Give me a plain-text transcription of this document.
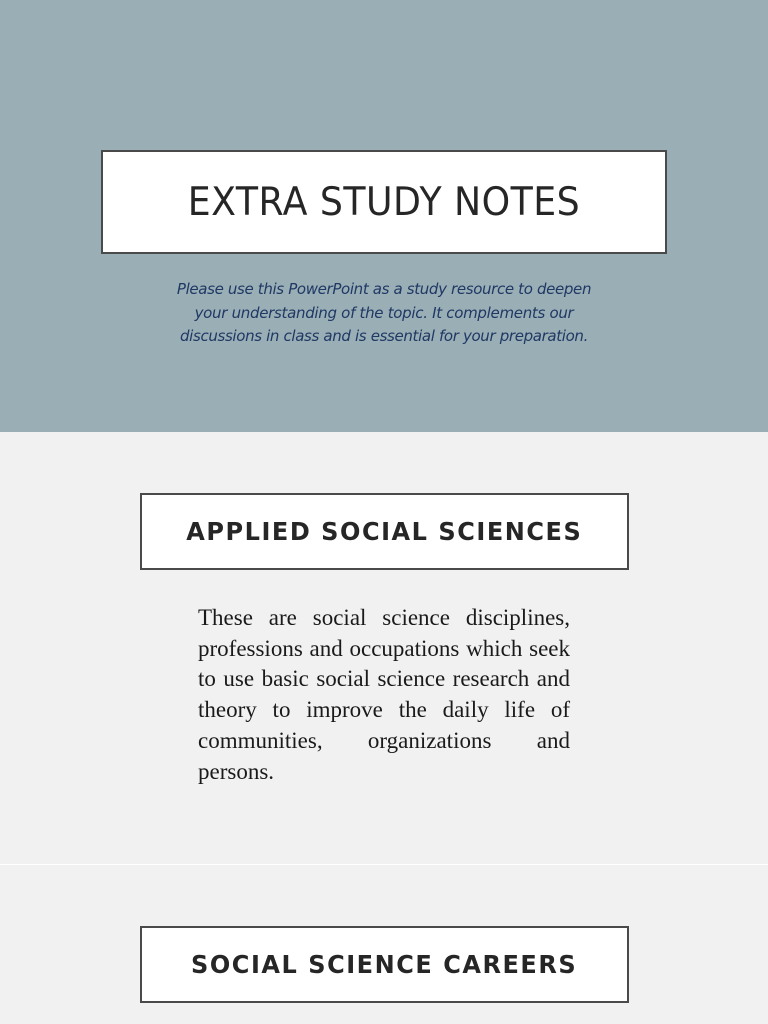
EXTRA STUDY NOTES

Please use this PowerPoint as a study resource to deepen
your understanding of the topic. It complements our
discussions in class and is essential for your preparation.

APPLIED SOCIAL SCIENCES

These are social science disciplines, professions and occupations which seek to use basic social science research and theory to improve the daily life of communities, organizations and persons.

SOCIAL SCIENCE CAREERS
